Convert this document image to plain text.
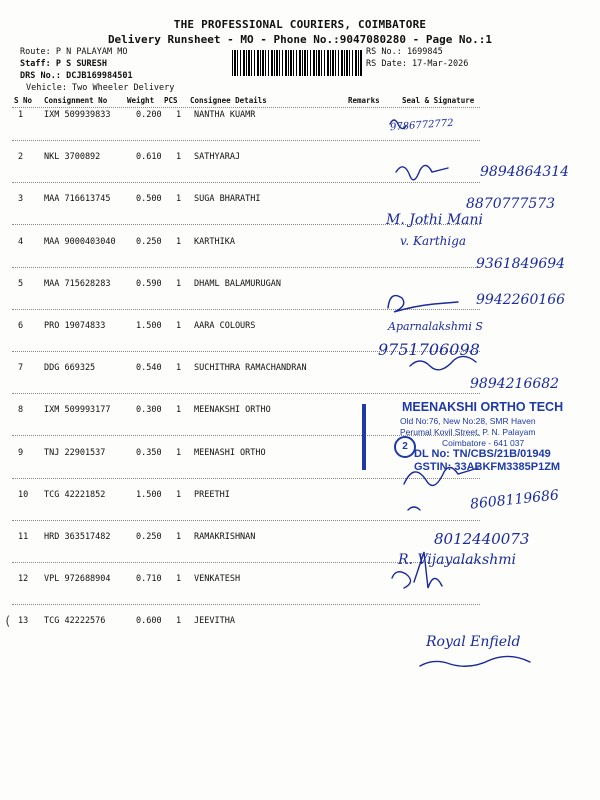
THE PROFESSIONAL COURIERS, COIMBATORE
Delivery Runsheet - MO - Phone No.:9047080280 - Page No.:1
Route: P N PALAYAM MO
Staff: P S SURESH
DRS No.: DCJB169984501
Vehicle: Two Wheeler Delivery
RS No.: 1699845
RS Date: 17-Mar-2026
S No Consignment No	Weight PCS Consignee Details	Remarks	Seal & Signature
1 IXM 509939833	0.200 1 NANTHA KUAMR
2 NKL 3700892	0.610 1 SATHYARAJ
3 MAA 716613745	0.500 1 SUGA BHARATHI
4 MAA 9000403040 0.250 1 KARTHIKA
5 MAA 715628283	0.590 1 DHAML BALAMURUGAN
6 PRO 19074833	1.500 1 AARA COLOURS
7 DDG 669325	0.540 1 SUCHITHRA RAMACHANDRAN
8 IXM 509993177	0.300 1 MEENAKSHI ORTHO
9 TNJ 22901537	0.350 1 MEENASHI ORTHO
10 TCG 42221852	1.500 1 PREETHI
11 HRD 363517482	0.250 1 RAMAKRISHNAN
12 VPL 972688904	0.710 1 VENKATESH
13 TCG 42222576	0.600 1 JEEVITHA
9786772772
9894864314
8870777573
M. Jothi Mani
v. Karthiga
9361849694
9942260166
Aparnalakshmi S
9751706098
9894216682
8608119686
8012440073
R. Vijayalakshmi
Royal Enfield
MEENAKSHI ORTHO TECH
Old No:76, New No:28, SMR Haven
Perumal Kovil Street, P. N. Palayam
Coimbatore - 641 037
DL No: TN/CBS/21B/01949
GSTIN: 33ABKFM3385P1ZM
2
(
